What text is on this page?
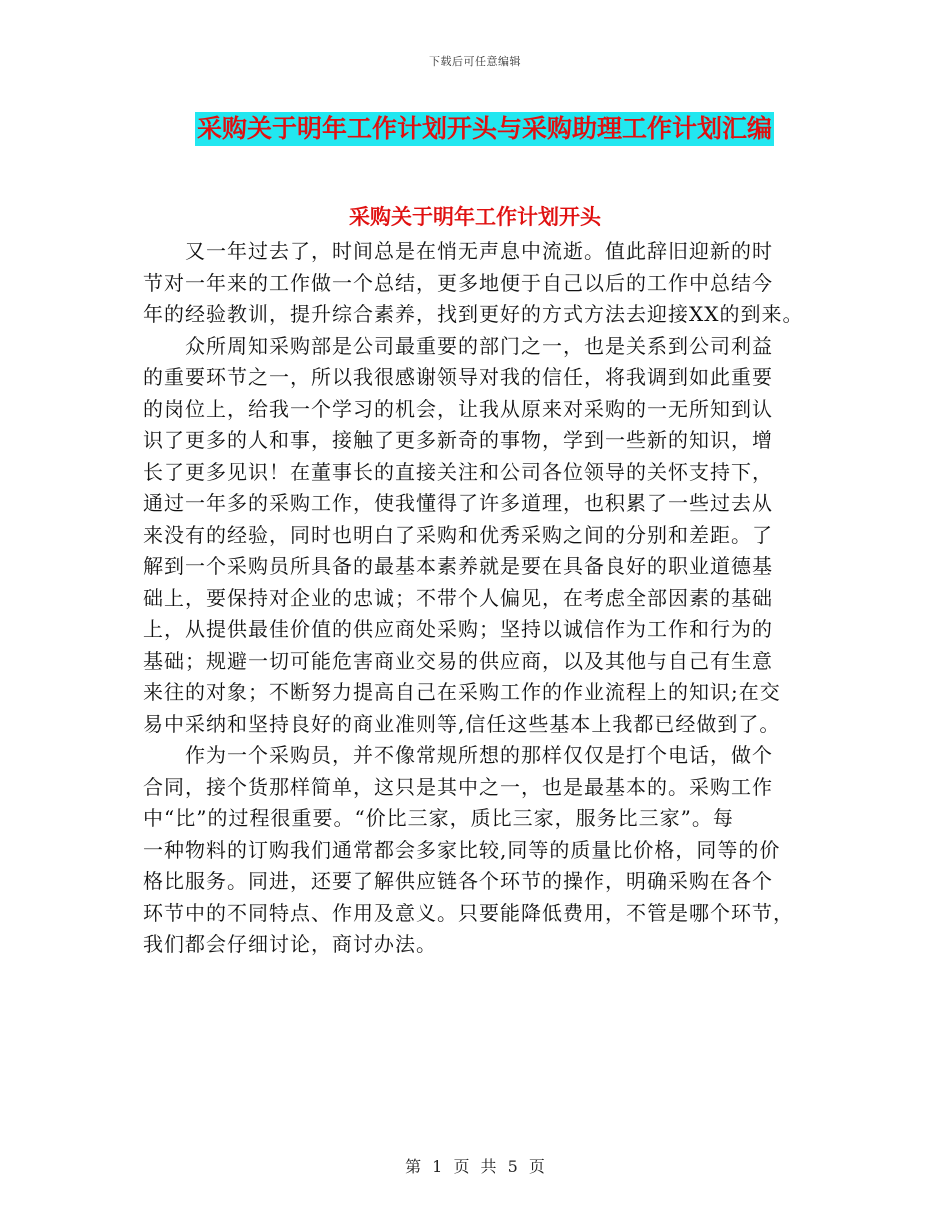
下载后可任意编辑
采购关于明年工作计划开头与采购助理工作计划汇编
采购关于明年工作计划开头
又一年过去了，时间总是在悄无声息中流逝。值此辞旧迎新的时
节对一年来的工作做一个总结，更多地便于自己以后的工作中总结今
年的经验教训，提升综合素养，找到更好的方式方法去迎接XX的到来。
众所周知采购部是公司最重要的部门之一，也是关系到公司利益
的重要环节之一，所以我很感谢领导对我的信任，将我调到如此重要
的岗位上，给我一个学习的机会，让我从原来对采购的一无所知到认
识了更多的人和事，接触了更多新奇的事物，学到一些新的知识，增
长了更多见识！在董事长的直接关注和公司各位领导的关怀支持下，
通过一年多的采购工作，使我懂得了许多道理，也积累了一些过去从
来没有的经验，同时也明白了采购和优秀采购之间的分别和差距。了
解到一个采购员所具备的最基本素养就是要在具备良好的职业道德基
础上，要保持对企业的忠诚；不带个人偏见，在考虑全部因素的基础
上，从提供最佳价值的供应商处采购；坚持以诚信作为工作和行为的
基础；规避一切可能危害商业交易的供应商，以及其他与自己有生意
来往的对象；不断努力提高自己在采购工作的作业流程上的知识;在交
易中采纳和坚持良好的商业准则等,信任这些基本上我都已经做到了。
作为一个采购员，并不像常规所想的那样仅仅是打个电话，做个
合同，接个货那样简单，这只是其中之一，也是最基本的。采购工作
中“比”的过程很重要。“价比三家，质比三家，服务比三家”。每
一种物料的订购我们通常都会多家比较,同等的质量比价格，同等的价
格比服务。同进，还要了解供应链各个环节的操作，明确采购在各个
环节中的不同特点、作用及意义。只要能降低费用，不管是哪个环节，
我们都会仔细讨论，商讨办法。
第 1 页 共 5 页
